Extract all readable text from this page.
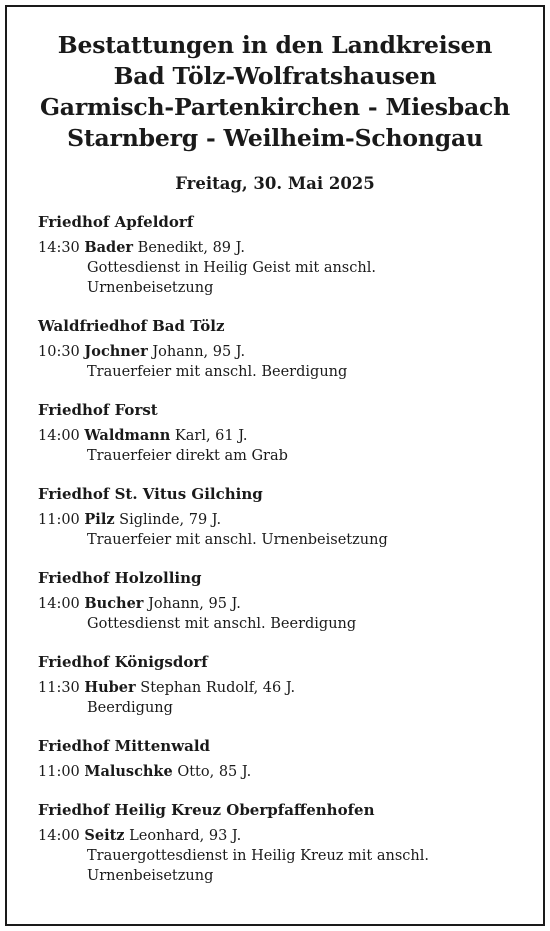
Bestattungen in den Landkreisen
Bad Tölz-Wolfratshausen
Garmisch-Partenkirchen - Miesbach
Starnberg - Weilheim-Schongau
Freitag, 30. Mai 2025
Friedhof Apfeldorf
14:30 Bader Benedikt, 89 J.
Gottesdienst in Heilig Geist mit anschl.
Urnenbeisetzung
Waldfriedhof Bad Tölz
10:30 Jochner Johann, 95 J.
Trauerfeier mit anschl. Beerdigung
Friedhof Forst
14:00 Waldmann Karl, 61 J.
Trauerfeier direkt am Grab
Friedhof St. Vitus Gilching
11:00 Pilz Siglinde, 79 J.
Trauerfeier mit anschl. Urnenbeisetzung
Friedhof Holzolling
14:00 Bucher Johann, 95 J.
Gottesdienst mit anschl. Beerdigung
Friedhof Königsdorf
11:30 Huber Stephan Rudolf, 46 J.
Beerdigung
Friedhof Mittenwald
11:00 Maluschke Otto, 85 J.
Friedhof Heilig Kreuz Oberpfaffenhofen
14:00 Seitz Leonhard, 93 J.
Trauergottesdienst in Heilig Kreuz mit anschl.
Urnenbeisetzung
